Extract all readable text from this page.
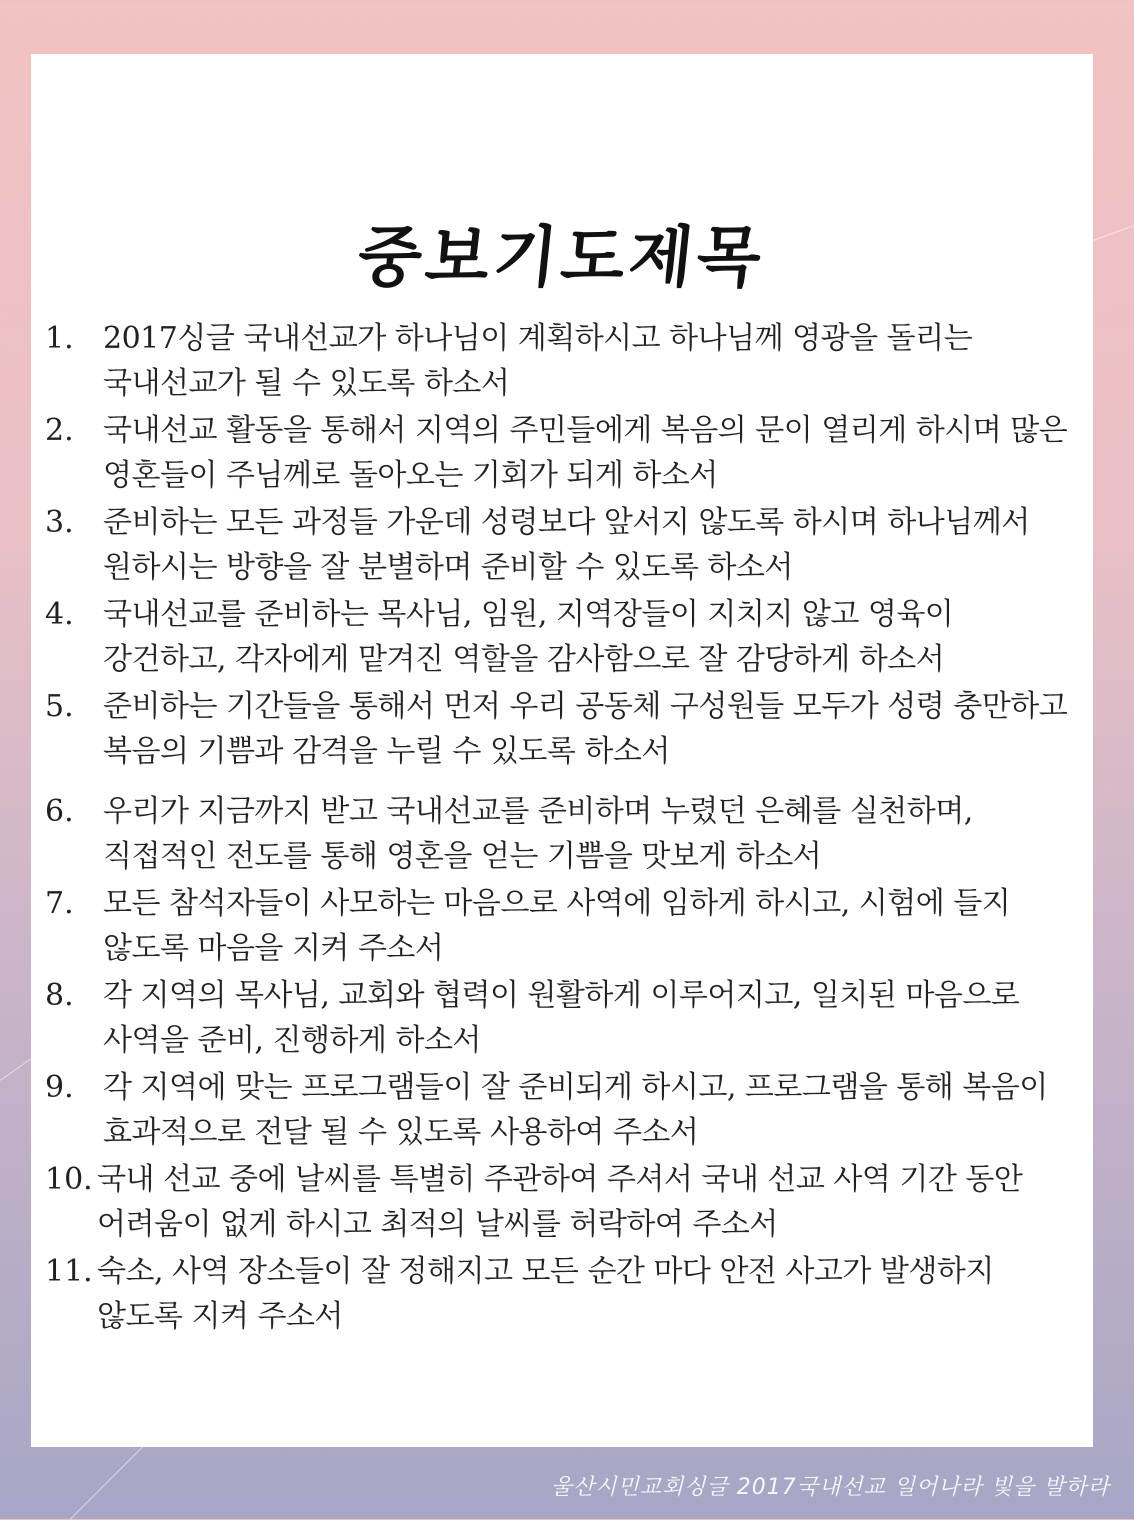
중보기도제목
1. 2017싱글 국내선교가 하나님이 계획하시고 하나님께 영광을 돌리는 국내선교가 될 수 있도록 하소서
2. 국내선교 활동을 통해서 지역의 주민들에게 복음의 문이 열리게 하시며 많은 영혼들이 주님께로 돌아오는 기회가 되게 하소서
3. 준비하는 모든 과정들 가운데 성령보다 앞서지 않도록 하시며 하나님께서 원하시는 방향을 잘 분별하며 준비할 수 있도록 하소서
4. 국내선교를 준비하는 목사님, 임원, 지역장들이 지치지 않고 영육이 강건하고, 각자에게 맡겨진 역할을 감사함으로 잘 감당하게 하소서
5. 준비하는 기간들을 통해서 먼저 우리 공동체 구성원들 모두가 성령 충만하고 복음의 기쁨과 감격을 누릴 수 있도록 하소서
6. 우리가 지금까지 받고 국내선교를 준비하며 누렸던 은혜를 실천하며, 직접적인 전도를 통해 영혼을 얻는 기쁨을 맛보게 하소서
7. 모든 참석자들이 사모하는 마음으로 사역에 임하게 하시고, 시험에 들지 않도록 마음을 지켜 주소서
8. 각 지역의 목사님, 교회와 협력이 원활하게 이루어지고, 일치된 마음으로 사역을 준비, 진행하게 하소서
9. 각 지역에 맞는 프로그램들이 잘 준비되게 하시고, 프로그램을 통해 복음이 효과적으로 전달 될 수 있도록 사용하여 주소서
10. 국내 선교 중에 날씨를 특별히 주관하여 주셔서 국내 선교 사역 기간 동안 어려움이 없게 하시고 최적의 날씨를 허락하여 주소서
11. 숙소, 사역 장소들이 잘 정해지고 모든 순간 마다 안전 사고가 발생하지 않도록 지켜 주소서
울산시민교회싱글 2017국내선교 일어나라 빛을 발하라
